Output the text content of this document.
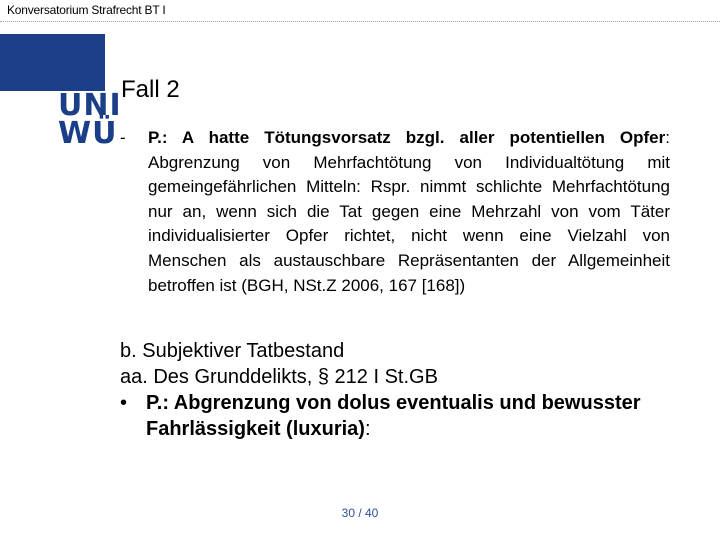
Konversatorium Strafrecht BT I
UNI
WÜ
Fall 2
- P.: A hatte Tötungsvorsatz bzgl. aller potentiellen Opfer: Abgrenzung von Mehrfachtötung von Individualtötung mit gemeingefährlichen Mitteln: Rspr. nimmt schlichte Mehrfachtötung nur an, wenn sich die Tat gegen eine Mehrzahl von vom Täter individualisierter Opfer richtet, nicht wenn eine Vielzahl von Menschen als austauschbare Repräsentanten der Allgemeinheit betroffen ist (BGH, NSt.Z 2006, 167 [168])
b. Subjektiver Tatbestand
aa. Des Grunddelikts, § 212 I St.GB
• P.: Abgrenzung von dolus eventualis und bewusster Fahrlässigkeit (luxuria):
30 / 40
